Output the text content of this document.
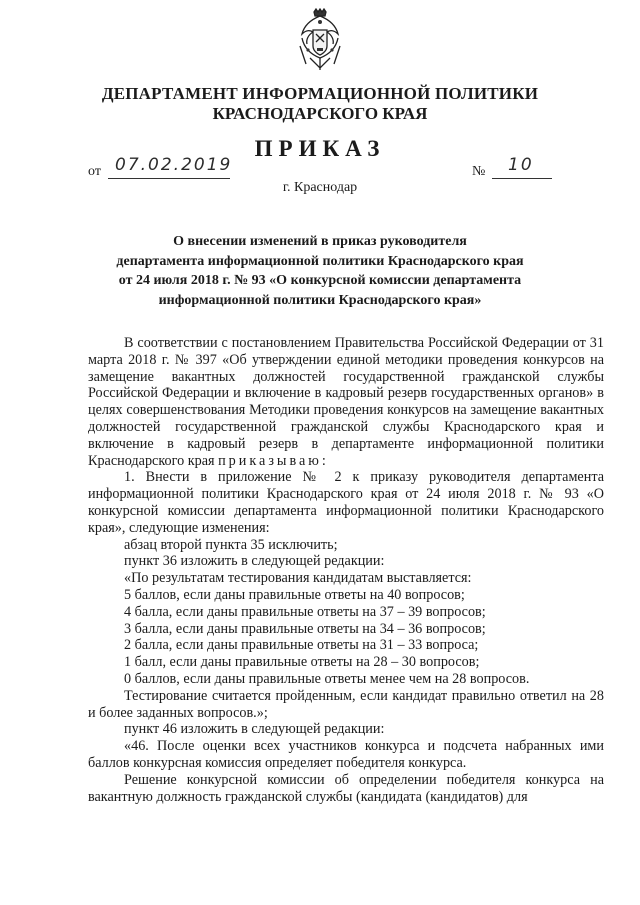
ДЕПАРТАМЕНТ ИНФОРМАЦИОННОЙ ПОЛИТИКИ
КРАСНОДАРСКОГО КРАЯ
ПРИКАЗ
от 07.02.2019	№ 10
г. Краснодар
О внесении изменений в приказ руководителя
департамента информационной политики Краснодарского края
от 24 июля 2018 г. № 93 «О конкурсной комиссии департамента
информационной политики Краснодарского края»

В соответствии с постановлением Правительства Российской Федерации от 31 марта 2018 г. № 397 «Об утверждении единой методики проведения конкурсов на замещение вакантных должностей государственной гражданской службы Российской Федерации и включение в кадровый резерв государственных органов» в целях совершенствования Методики проведения конкурсов на замещение вакантных должностей государственной гражданской службы Краснодарского края и включение в кадровый резерв в департаменте информационной политики Краснодарского края приказываю:

1. Внести в приложение № 2 к приказу руководителя департамента информационной политики Краснодарского края от 24 июля 2018 г. № 93 «О конкурсной комиссии департамента информационной политики Краснодарского края», следующие изменения:

абзац второй пункта 35 исключить;

пункт 36 изложить в следующей редакции:

«По результатам тестирования кандидатам выставляется:

5 баллов, если даны правильные ответы на 40 вопросов;

4 балла, если даны правильные ответы на 37 – 39 вопросов;

3 балла, если даны правильные ответы на 34 – 36 вопросов;

2 балла, если даны правильные ответы на 31 – 33 вопроса;

1 балл, если даны правильные ответы на 28 – 30 вопросов;

0 баллов, если даны правильные ответы менее чем на 28 вопросов.

Тестирование считается пройденным, если кандидат правильно ответил на 28 и более заданных вопросов.»;

пункт 46 изложить в следующей редакции:

«46. После оценки всех участников конкурса и подсчета набранных ими баллов конкурсная комиссия определяет победителя конкурса.

Решение конкурсной комиссии об определении победителя конкурса на вакантную должность гражданской службы (кандидата (кандидатов) для
